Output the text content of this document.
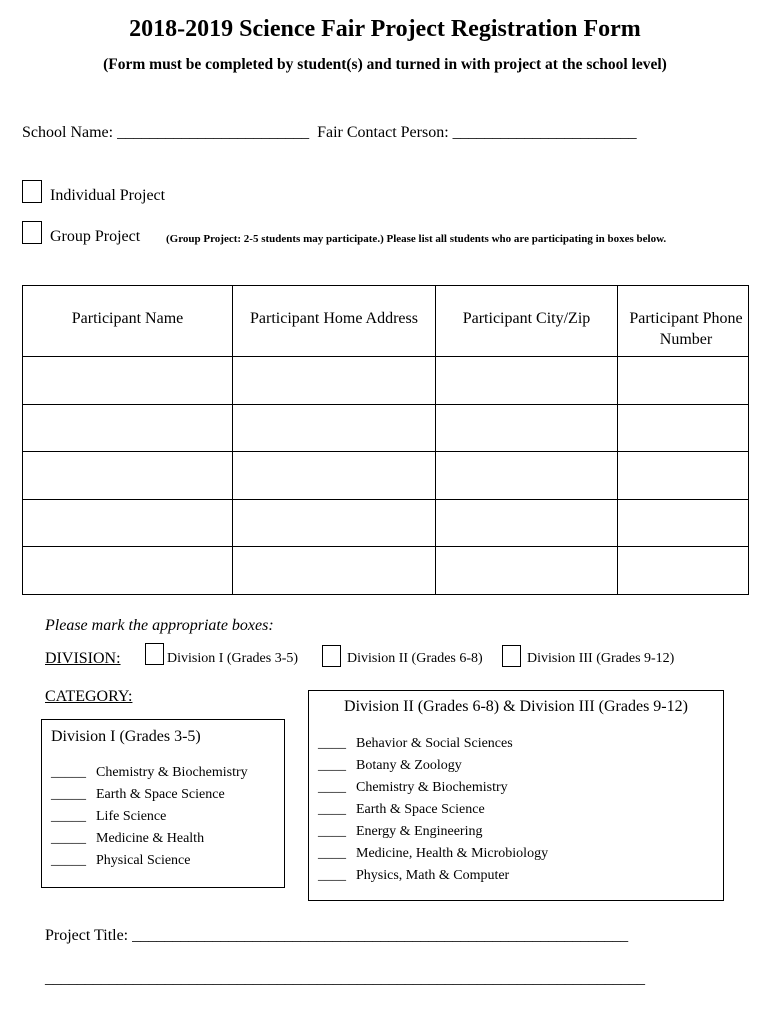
2018-2019 Science Fair Project Registration Form
(Form must be completed by student(s) and turned in with project at the school level)
School Name: ________________________ Fair Contact Person: _______________________
Individual Project
Group Project (Group Project: 2-5 students may participate.) Please list all students who are participating in boxes below.
Participant Name	Participant Home Address	Participant City/Zip	Participant Phone Number

Please mark the appropriate boxes:
DIVISION:	Division I (Grades 3-5)	Division II (Grades 6-8)	Division III (Grades 9-12)
CATEGORY:
Division I (Grades 3-5)
_____ Chemistry & Biochemistry
_____ Earth & Space Science
_____ Life Science
_____ Medicine & Health
_____ Physical Science
Division II (Grades 6-8) & Division III (Grades 9-12)
____ Behavior & Social Sciences
____ Botany & Zoology
____ Chemistry & Biochemistry
____ Earth & Space Science
____ Energy & Engineering
____ Medicine, Health & Microbiology
____ Physics, Math & Computer
Project Title: ______________________________________________________________
___________________________________________________________________________
